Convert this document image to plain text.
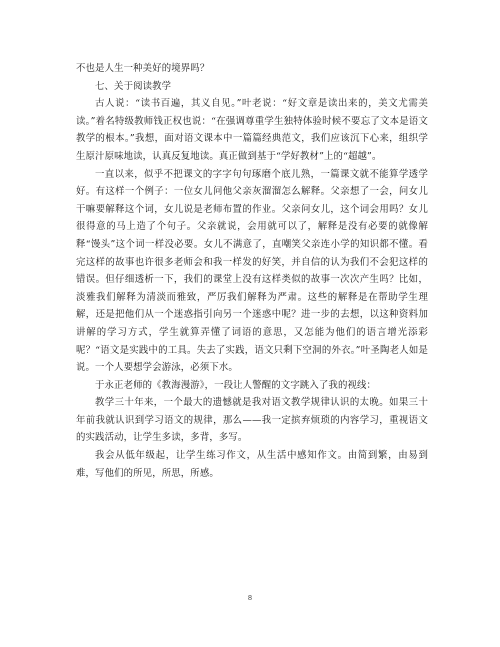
不也是人生一种美好的境界吗？

七、关于阅读教学

古人说：“读书百遍，其义自见。”叶老说：“好文章是读出来的，美文尤需美读。”着名特级教师钱正权也说：“在强调尊重学生独特体验时候不要忘了文本是语文教学的根本。”我想，面对语文课本中一篇篇经典范文，我们应该沉下心来，组织学生原汁原味地读，认真反复地读。真正做到基于“学好教材”上的“超越”。

一直以来，似乎不把课文的字字句句琢磨个底儿熟，一篇课文就不能算学透学好。有这样一个例子：一位女儿问他父亲灰溜溜怎么解释。父亲想了一会，问女儿干嘛要解释这个词，女儿说是老师布置的作业。父亲问女儿，这个词会用吗？女儿很得意的马上造了个句子。父亲就说，会用就可以了，解释是没有必要的就像解释“馒头”这个词一样没必要。女儿不满意了，直嘲笑父亲连小学的知识都不懂。看完这样的故事也许很多老师会和我一样发的好笑，并自信的认为我们不会犯这样的错误。但仔细透析一下，我们的课堂上没有这样类似的故事一次次产生吗？比如，淡雅我们解释为清淡而雅致，严厉我们解释为严肃。这些的解释是在帮助学生理解，还是把他们从一个迷惑指引向另一个迷惑中呢？进一步的去想，以这种资料加讲解的学习方式，学生就算弄懂了词语的意思，又怎能为他们的语言增光添彩呢？“语文是实践中的工具。失去了实践，语文只剩下空洞的外衣。”叶圣陶老人如是说。一个人要想学会游泳，必须下水。

于永正老师的《教海漫游》，一段让人警醒的文字跳入了我的视线：

教学三十年来，一个最大的遗憾就是我对语文教学规律认识的太晚。如果三十年前我就认识到学习语文的规律，那么——我一定摈弃烦琐的内容学习，重视语文的实践活动，让学生多读，多背，多写。

我会从低年级起，让学生练习作文，从生活中感知作文。由简到繁，由易到难，写他们的所见，所思，所感。

8
